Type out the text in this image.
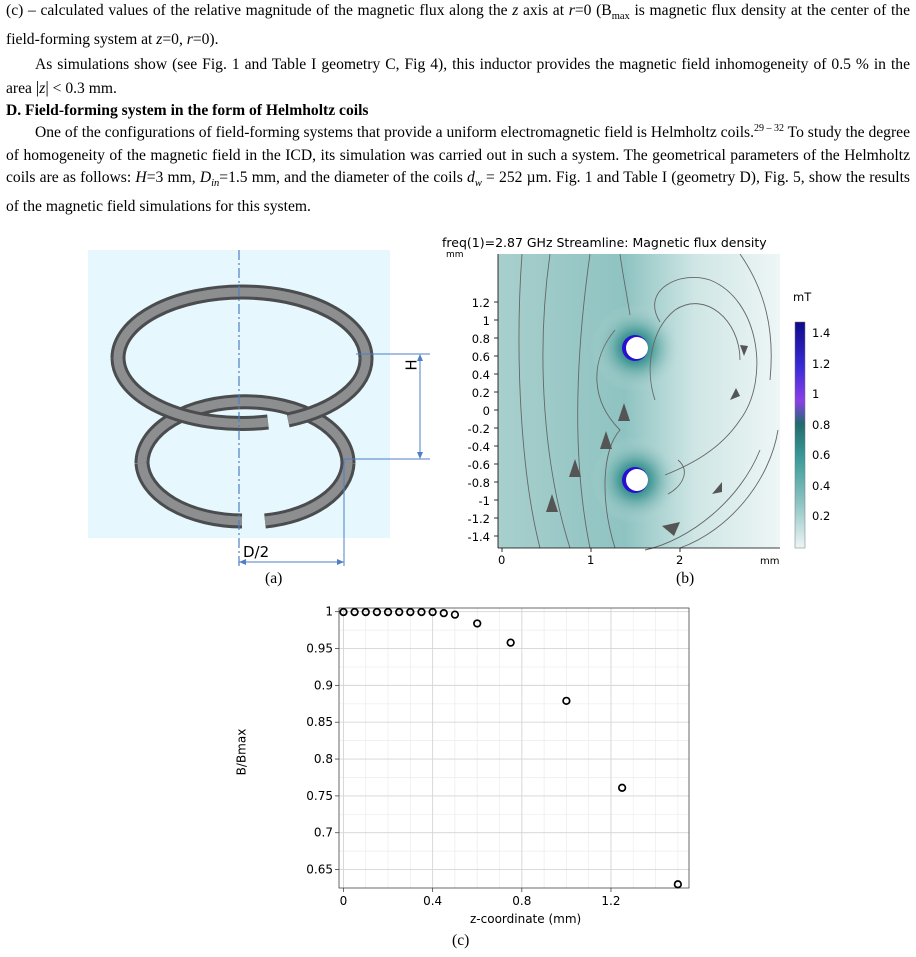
(c) – calculated values of the relative magnitude of the magnetic flux along the z axis at r=0 ($B_{max}$ is magnetic flux density at the center of the field-forming system at z=0, r=0).
As simulations show (see Fig. 1 and Table I geometry C, Fig 4), this inductor provides the magnetic field inhomogeneity of 0.5 % in the area |z| < 0.3 mm.
D. Field-forming system in the form of Helmholtz coils
One of the configurations of field-forming systems that provide a uniform electromagnetic field is Helmholtz coils.$^{29 - 32}$ To study the degree of homogeneity of the magnetic field in the ICD, its simulation was carried out in such a system. The geometrical parameters of the Helmholtz coils are as follows: H=3 mm, $D_{in}=1.5$ mm, and the diameter of the coils $d_w = 252$ µm. Fig. 1 and Table I (geometry D), Fig. 5, show the results of the magnetic field simulations for this system.
H
D/2
(a)
freq(1)=2.87 GHz Streamline: Magnetic flux density
mm
mm
mT
1.2
1
0.8
0.6
0.4
0.2
0
-0.2
-0.4
-0.6
-0.8
-1
-1.2
-1.4
0	1	2
1.4
1.2
1
0.8
0.6
0.4
0.2
(b)
0	0.4	0.8	1.2
1
0.95
0.9
0.85
0.8
0.75
0.7
0.65
z-coordinate (mm)
B/Bmax
(c)
